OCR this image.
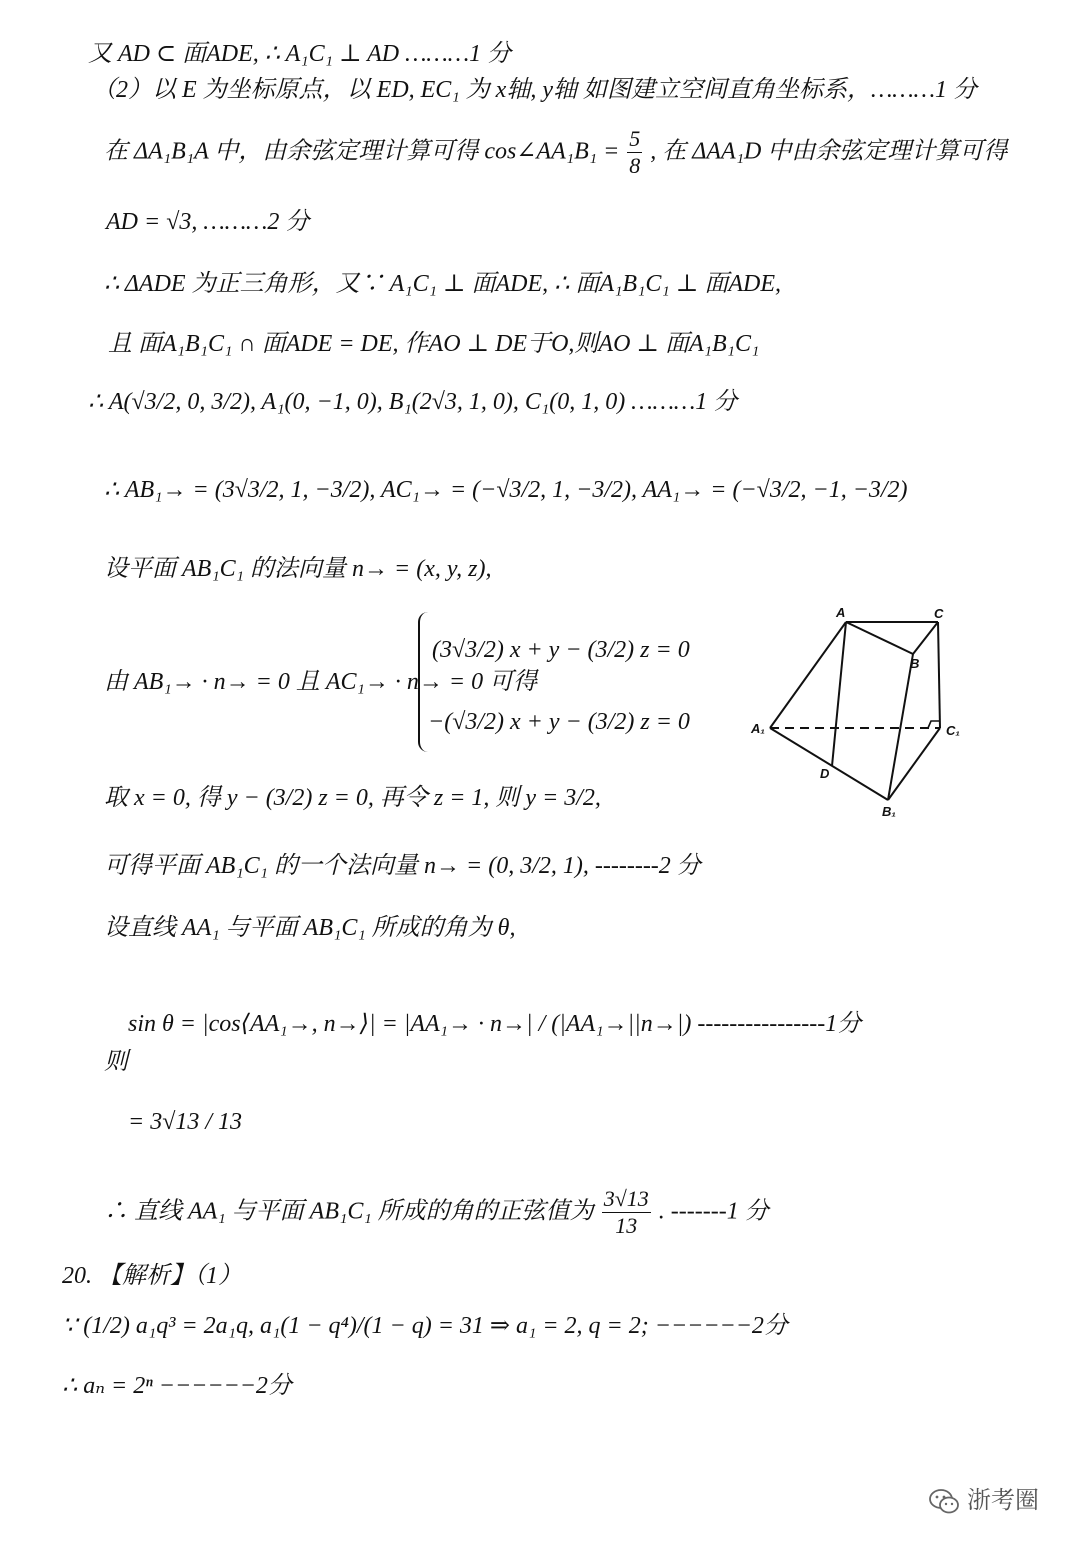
又 AD ⊂ 面ADE, ∴ A₁C₁ ⊥ AD ………1 分
（2）以 E 为坐标原点，以 ED, EC₁ 为 x轴, y轴 如图建立空间直角坐标系，………1 分
在 ΔA₁B₁A 中，由余弦定理计算可得 cos∠AA₁B₁ = $\frac{5}{8}$ , 在 ΔAA₁D 中由余弦定理计算可得
AD = √3, ………2 分
∴ ΔADE 为正三角形，又∵ A₁C₁ ⊥ 面ADE, ∴ 面A₁B₁C₁ ⊥ 面ADE,
且 面A₁B₁C₁ ∩ 面ADE = DE, 作AO ⊥ DE于O,则AO ⊥ 面A₁B₁C₁
∴ A(√3/2, 0, 3/2), A₁(0, −1, 0), B₁(2√3, 1, 0), C₁(0, 1, 0) ………1 分
∴ AB₁→ = (3√3/2, 1, −3/2), AC₁→ = (−√3/2, 1, −3/2), AA₁→ = (−√3/2, −1, −3/2)
设平面 AB₁C₁ 的法向量 n→ = (x, y, z),
由 AB₁→ · n→ = 0 且 AC₁→ · n→ = 0 可得
(3√3/2) x + y − (3/2) z = 0
−(√3/2) x + y − (3/2) z = 0
取 x = 0, 得 y − (3/2) z = 0, 再令 z = 1, 则 y = 3/2,
可得平面 AB₁C₁ 的一个法向量 n→ = (0, 3/2, 1), --------2 分
设直线 AA₁ 与平面 AB₁C₁ 所成的角为 θ,
sin θ = |cos⟨AA₁→, n→⟩| = |AA₁→ · n→| / (|AA₁→||n→|) ----------------1分
则
= 3√13 / 13
∴ 直线 AA₁ 与平面 AB₁C₁ 所成的角的正弦值为 $\frac{3√13}{13}$ . -------1 分
20. 【解析】（1）
∵ (1/2) a₁q³ = 2a₁q, a₁(1 − q⁴)/(1 − q) = 31 ⇒ a₁ = 2, q = 2; −−−−−−2分
∴ aₙ = 2ⁿ −−−−−−2分
A	C
B
A₁	C₁
D
B₁
浙考圈
